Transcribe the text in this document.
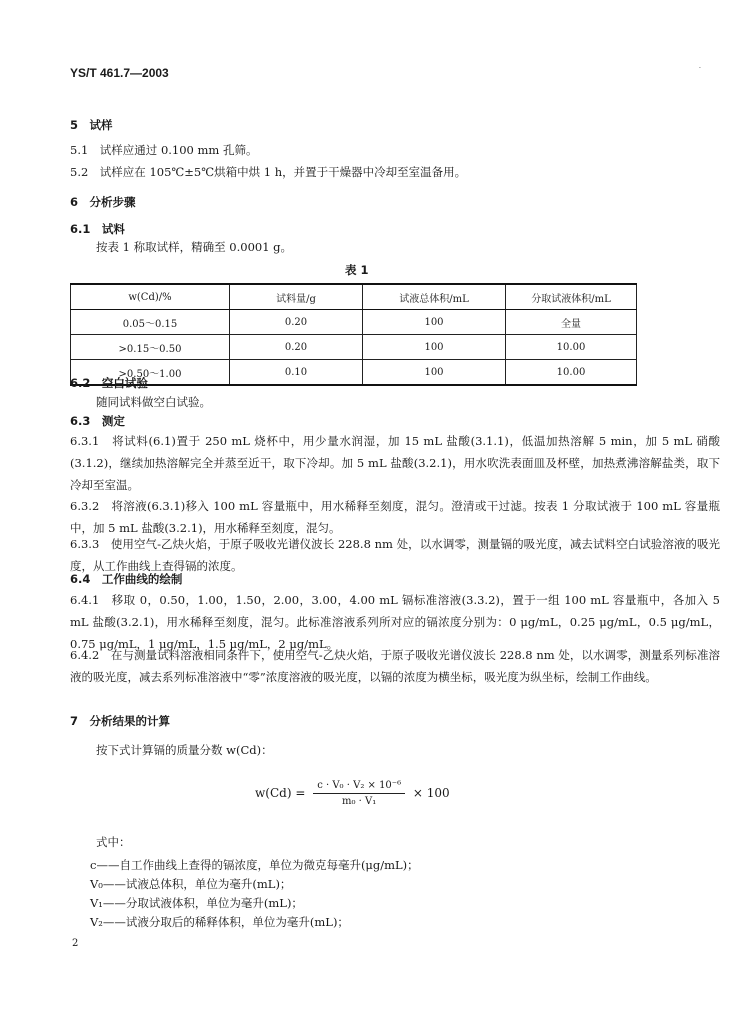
YS/T 461.7—2003	·
5　试样
5.1　试样应通过 0.100 mm 孔筛。
5.2　试样应在 105℃±5℃烘箱中烘 1 h，并置于干燥器中冷却至室温备用。
6　分析步骤
6.1　试料
按表 1 称取试样，精确至 0.0001 g。
表 1
w(Cd)/%	试料量/g	试液总体积/mL	分取试液体积/mL
0.05～0.15	0.20	100	全量
>0.15～0.50	0.20	100	10.00
>0.50～1.00	0.10	100	10.00
6.2　空白试验
随同试料做空白试验。
6.3　测定
6.3.1　将试料(6.1)置于 250 mL 烧杯中，用少量水润湿，加 15 mL 盐酸(3.1.1)，低温加热溶解 5 min，加 5 mL 硝酸(3.1.2)，继续加热溶解完全并蒸至近干，取下冷却。加 5 mL 盐酸(3.2.1)，用水吹洗表面皿及杯壁，加热煮沸溶解盐类，取下冷却至室温。
6.3.2　将溶液(6.3.1)移入 100 mL 容量瓶中，用水稀释至刻度，混匀。澄清或干过滤。按表 1 分取试液于 100 mL 容量瓶中，加 5 mL 盐酸(3.2.1)，用水稀释至刻度，混匀。
6.3.3　使用空气-乙炔火焰，于原子吸收光谱仪波长 228.8 nm 处，以水调零，测量镉的吸光度，减去试料空白试验溶液的吸光度，从工作曲线上查得镉的浓度。
6.4　工作曲线的绘制
6.4.1　移取 0，0.50，1.00，1.50，2.00，3.00，4.00 mL 镉标准溶液(3.3.2)，置于一组 100 mL 容量瓶中，各加入 5 mL 盐酸(3.2.1)，用水稀释至刻度，混匀。此标准溶液系列所对应的镉浓度分别为：0 μg/mL，0.25 μg/mL，0.5 μg/mL，0.75 μg/mL，1 μg/mL，1.5 μg/mL，2 μg/mL。
6.4.2　在与测量试料溶液相同条件下，使用空气-乙炔火焰，于原子吸收光谱仪波长 228.8 nm 处，以水调零，测量系列标准溶液的吸光度，减去系列标准溶液中“零”浓度溶液的吸光度，以镉的浓度为横坐标，吸光度为纵坐标，绘制工作曲线。
7　分析结果的计算
按下式计算镉的质量分数 w(Cd)：
$w(Cd) = \frac{\text{c · V₀ · V₂ × 10⁻⁶}}{\text{m₀ · V₁}} \times 100$
式中：
c——自工作曲线上查得的镉浓度，单位为微克每毫升(μg/mL)；
V₀——试液总体积，单位为毫升(mL)；
V₁——分取试液体积，单位为毫升(mL)；
V₂——试液分取后的稀释体积，单位为毫升(mL)；
2
